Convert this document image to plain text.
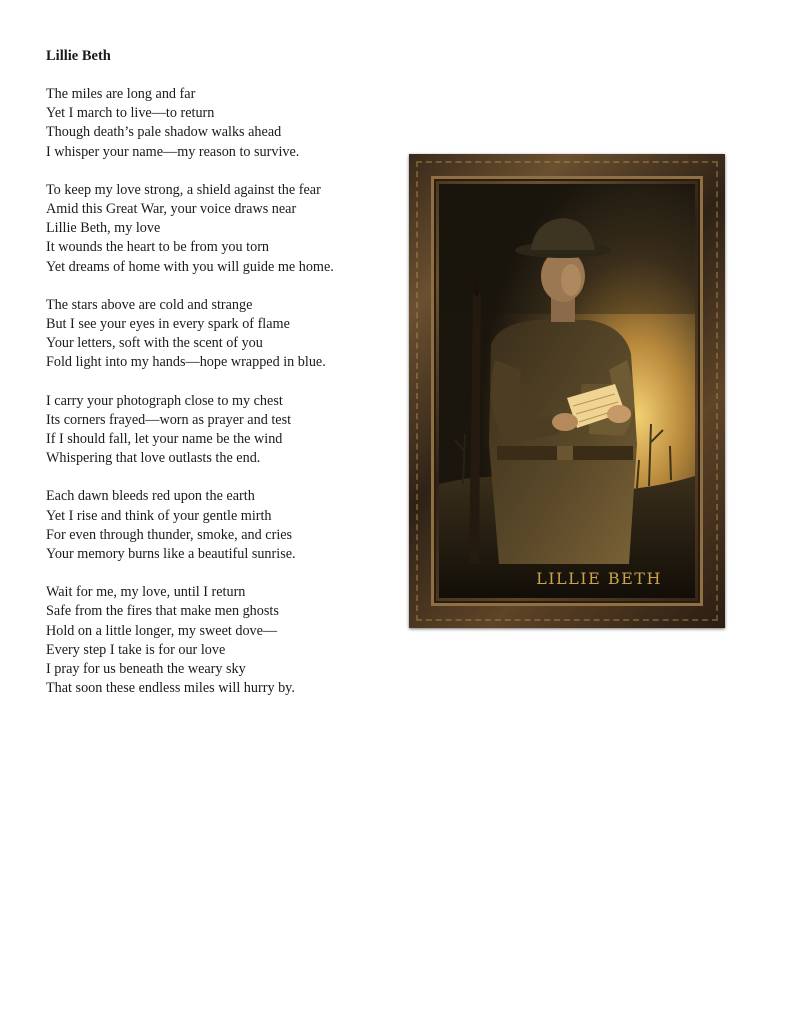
Lillie Beth

The miles are long and far
Yet I march to live—to return
Though death’s pale shadow walks ahead
I whisper your name—my reason to survive.

To keep my love strong, a shield against the fear
Amid this Great War, your voice draws near
Lillie Beth, my love
It wounds the heart to be from you torn
Yet dreams of home with you will guide me home.

The stars above are cold and strange
But I see your eyes in every spark of flame
Your letters, soft with the scent of you
Fold light into my hands—hope wrapped in blue.

I carry your photograph close to my chest
Its corners frayed—worn as prayer and test
If I should fall, let your name be the wind
Whispering that love outlasts the end.

Each dawn bleeds red upon the earth
Yet I rise and think of your gentle mirth
For even through thunder, smoke, and cries
Your memory burns like a beautiful sunrise.

Wait for me, my love, until I return
Safe from the fires that make men ghosts
Hold on a little longer, my sweet dove—
Every step I take is for our love
I pray for us beneath the weary sky
That soon these endless miles will hurry by.

LILLIE BETH
